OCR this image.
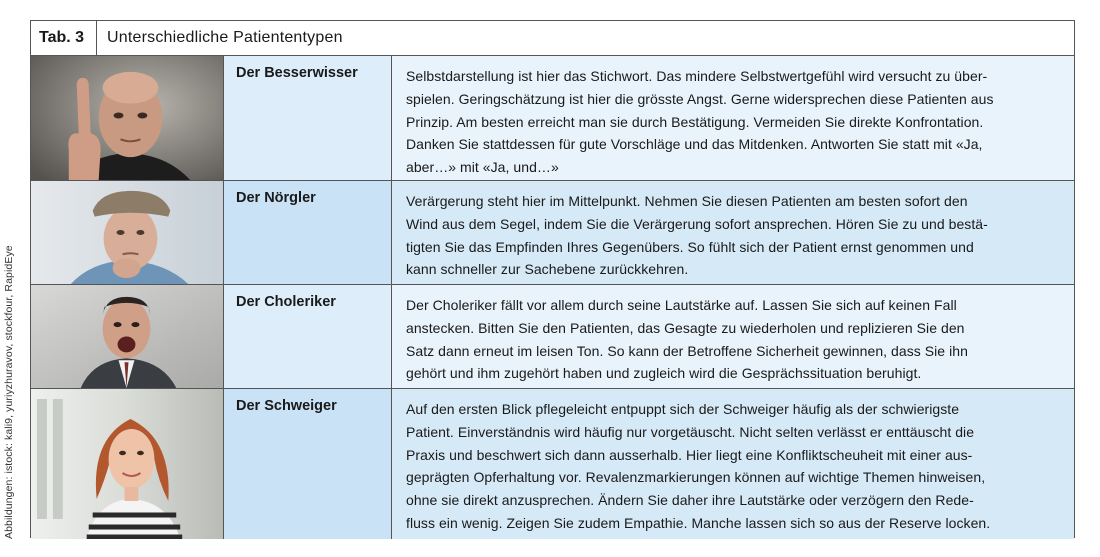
Abbildungen: istock: kali9, yuriyzhuravov, stockfour, RapidEye
Tab. 3	Unterschiedliche Patiententypen
Der Besserwisser	Selbstdarstellung ist hier das Stichwort. Das mindere Selbstwertgefühl wird versucht zu über-
spielen. Geringschätzung ist hier die grösste Angst. Gerne widersprechen diese Patienten aus
Prinzip. Am besten erreicht man sie durch Bestätigung. Vermeiden Sie direkte Konfrontation.
Danken Sie stattdessen für gute Vorschläge und das Mitdenken. Antworten Sie statt mit «Ja,
aber…» mit «Ja, und…»
Der Nörgler	Verärgerung steht hier im Mittelpunkt. Nehmen Sie diesen Patienten am besten sofort den
Wind aus dem Segel, indem Sie die Verärgerung sofort ansprechen. Hören Sie zu und bestä-
tigten Sie das Empfinden Ihres Gegenübers. So fühlt sich der Patient ernst genommen und
kann schneller zur Sachebene zurückkehren.
Der Choleriker	Der Choleriker fällt vor allem durch seine Lautstärke auf. Lassen Sie sich auf keinen Fall
anstecken. Bitten Sie den Patienten, das Gesagte zu wiederholen und replizieren Sie den
Satz dann erneut im leisen Ton. So kann der Betroffene Sicherheit gewinnen, dass Sie ihn
gehört und ihm zugehört haben und zugleich wird die Gesprächssituation beruhigt.
Der Schweiger	Auf den ersten Blick pflegeleicht entpuppt sich der Schweiger häufig als der schwierigste
Patient. Einverständnis wird häufig nur vorgetäuscht. Nicht selten verlässt er enttäuscht die
Praxis und beschwert sich dann ausserhalb. Hier liegt eine Konfliktscheuheit mit einer aus-
geprägten Opferhaltung vor. Revalenzmarkierungen können auf wichtige Themen hinweisen,
ohne sie direkt anzusprechen. Ändern Sie daher ihre Lautstärke oder verzögern den Rede-
fluss ein wenig. Zeigen Sie zudem Empathie. Manche lassen sich so aus der Reserve locken.
